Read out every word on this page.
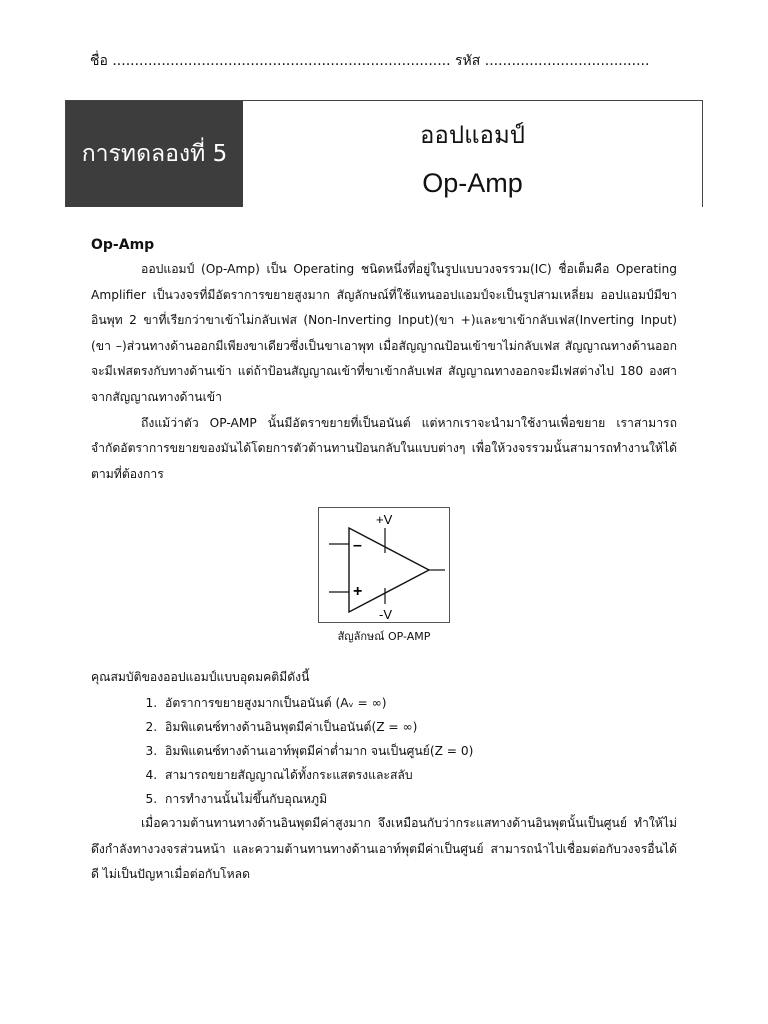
ชื่อ ............................................................................ รหัส .....................................
การทดลองที่ 5
ออปแอมป์
Op-Amp
Op-Amp

ออปแอมป์ (Op-Amp) เป็น Operating ชนิดหนึ่งที่อยู่ในรูปแบบวงจรรวม(IC) ชื่อเต็มคือ Operating Amplifier เป็นวงจรที่มีอัตราการขยายสูงมาก สัญลักษณ์ที่ใช้แทนออปแอมป์จะเป็นรูปสามเหลี่ยม ออปแอมป์มีขาอินพุท 2 ขาที่เรียกว่าขาเข้าไม่กลับเฟส (Non-Inverting Input)(ขา +)และขาเข้ากลับเฟส(Inverting Input)(ขา –)ส่วนทางด้านออกมีเพียงขาเดียวซึ่งเป็นขาเอาพุท เมื่อสัญญาณป้อนเข้าขาไม่กลับเฟส สัญญาณทางด้านออกจะมีเฟสตรงกับทางด้านเข้า แต่ถ้าป้อนสัญญาณเข้าที่ขาเข้ากลับเฟส สัญญาณทางออกจะมีเฟสต่างไป 180 องศาจากสัญญาณทางด้านเข้า

ถึงแม้ว่าตัว OP-AMP นั้นมีอัตราขยายที่เป็นอนันต์ แต่หากเราจะนำมาใช้งานเพื่อขยาย เราสามารถจำกัดอัตราการขยายของมันได้โดยการตัวต้านทานป้อนกลับในแบบต่างๆ เพื่อให้วงจรรวมนั้นสามารถทำงานให้ได้ตามที่ต้องการ

+V
-V
–
+
สัญลักษณ์ OP-AMP

คุณสมบัติของออปแอมป์แบบอุดมคติมีดังนี้

1. อัตราการขยายสูงมากเป็นอนันต์ (Aᵥ = ∞)
2. อิมพิแดนซ์ทางด้านอินพุตมีค่าเป็นอนันต์(Z = ∞)
3. อิมพิแดนซ์ทางด้านเอาท์พุตมีค่าต่ำมาก จนเป็นศูนย์(Z = 0)
4. สามารถขยายสัญญาณได้ทั้งกระแสตรงและสลับ
5. การทำงานนั้นไม่ขึ้นกับอุณหภูมิ

เมื่อความต้านทานทางด้านอินพุตมีค่าสูงมาก จึงเหมือนกับว่ากระแสทางด้านอินพุตนั้นเป็นศูนย์ ทำให้ไม่ดึงกำลังทางวงจรส่วนหน้า และความต้านทานทางด้านเอาท์พุตมีค่าเป็นศูนย์ สามารถนำไปเชื่อมต่อกับวงจรอื่นได้ดี ไม่เป็นปัญหาเมื่อต่อกับโหลด
